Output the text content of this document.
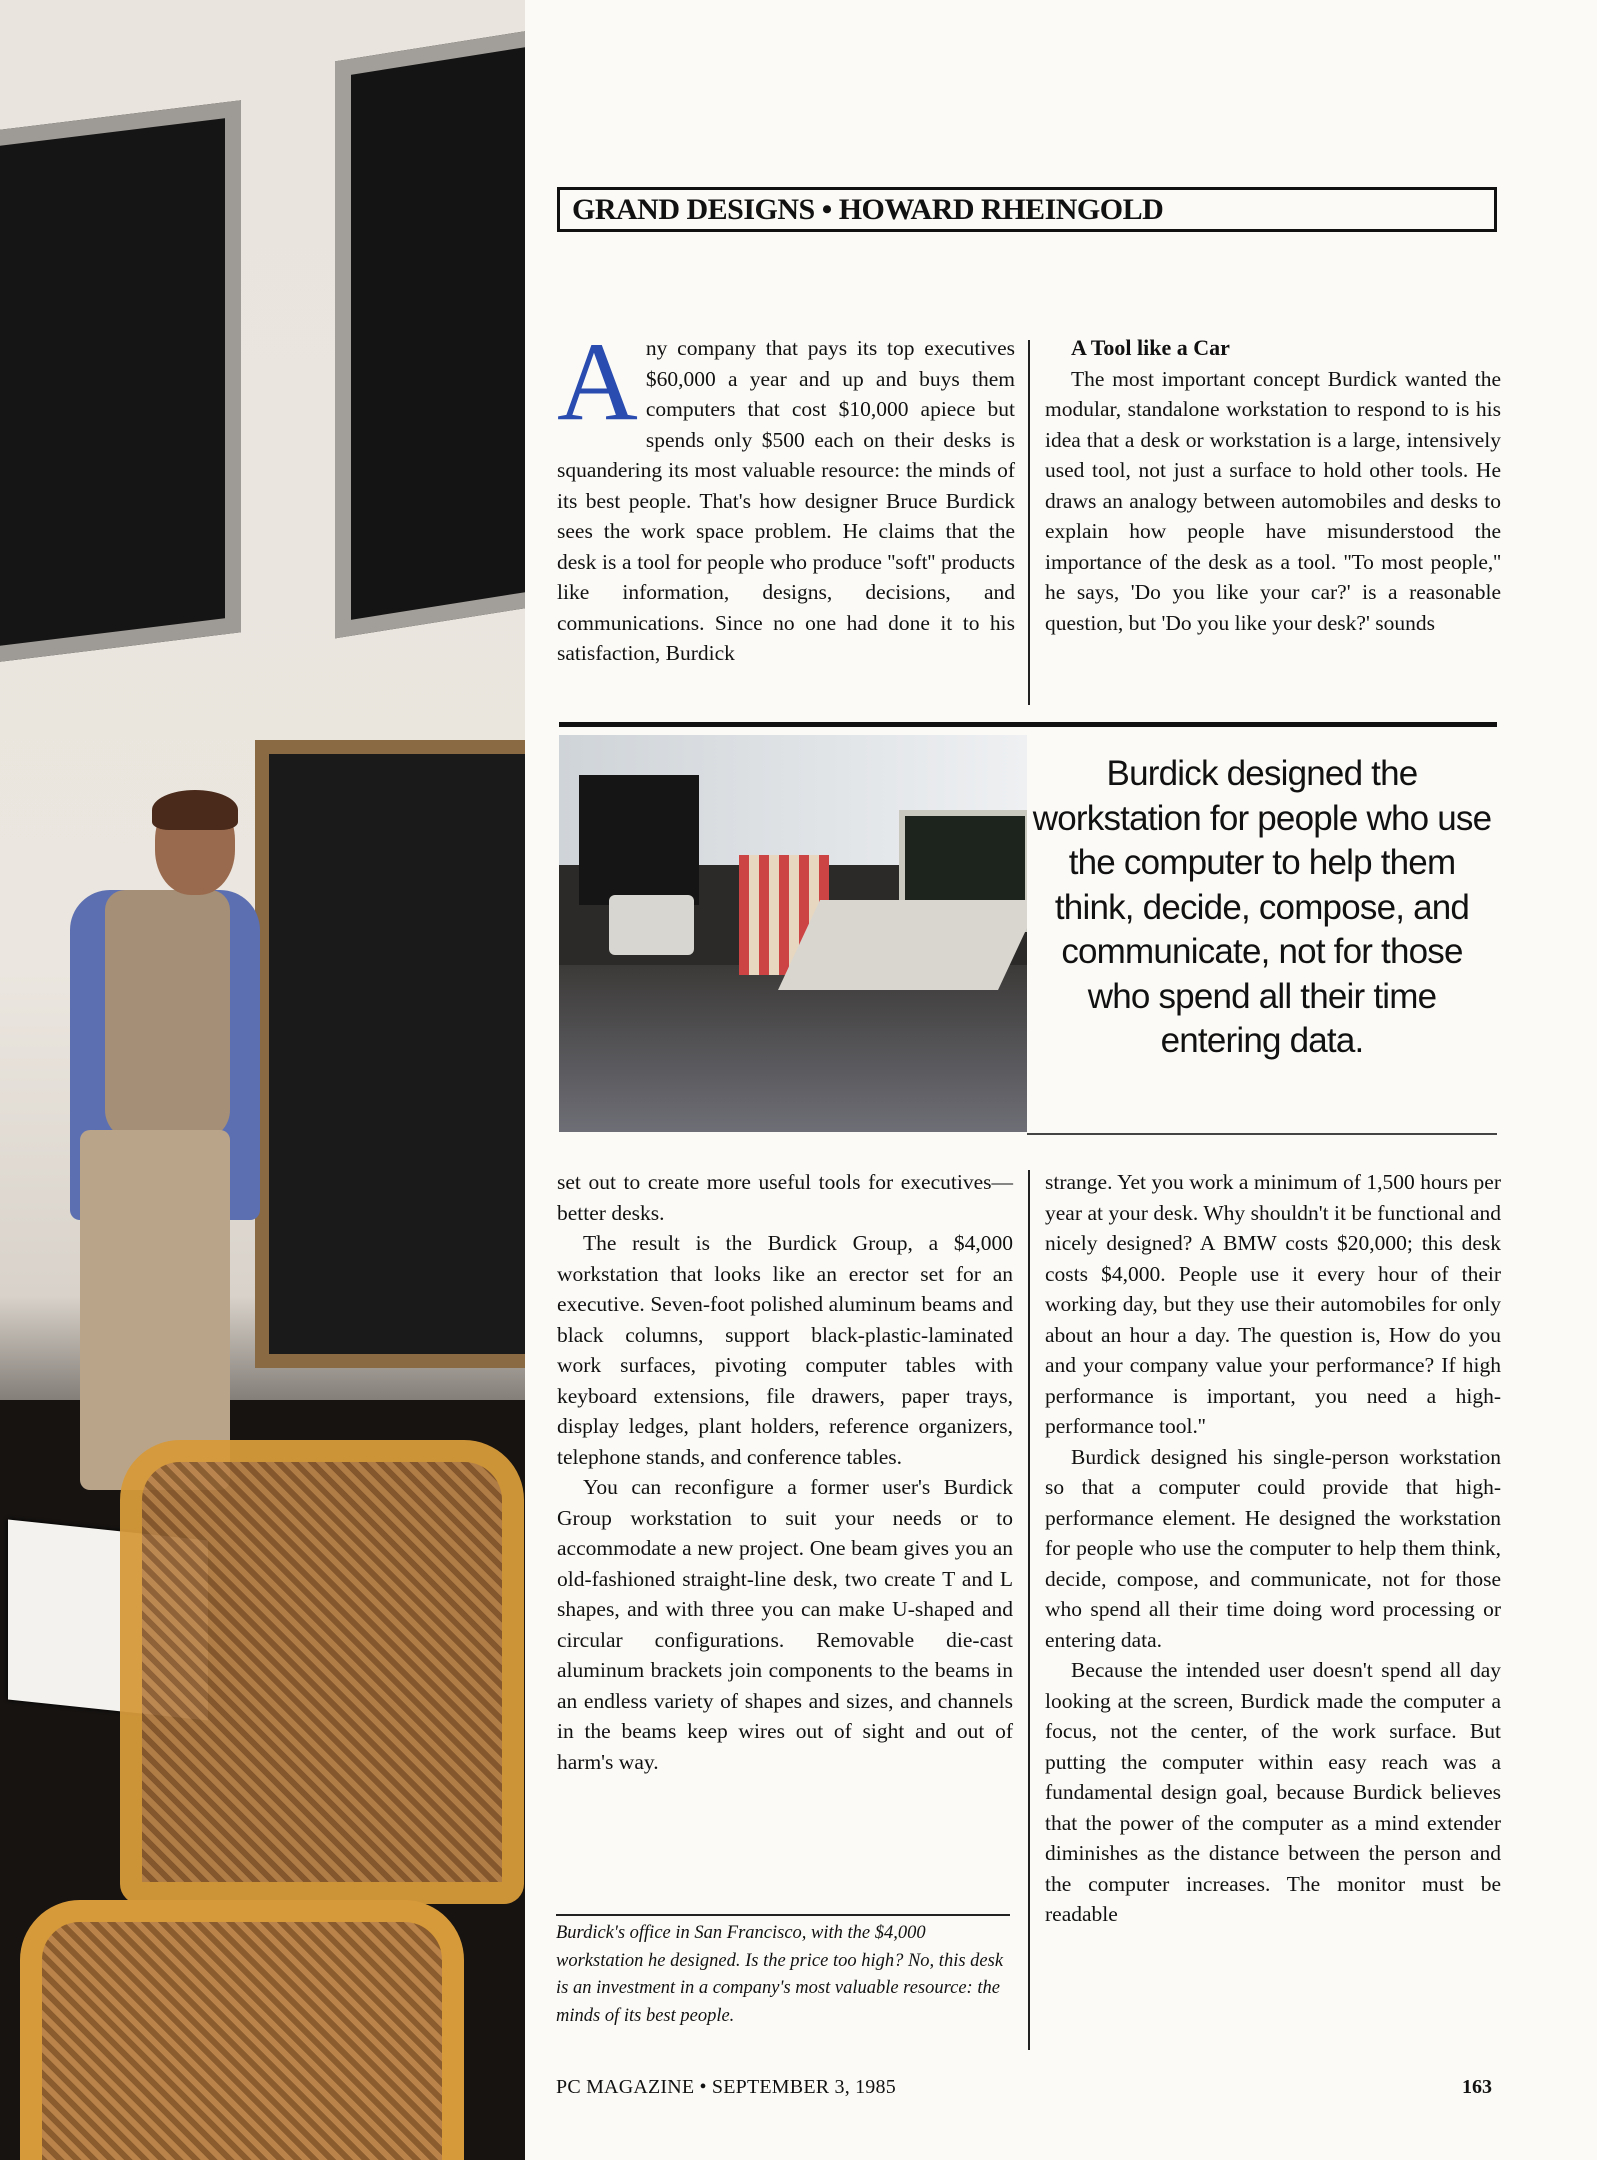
GRAND DESIGNS • HOWARD RHEINGOLD
A ny company that pays its top executives $60,000 a year and up and buys them computers that cost $10,000 apiece but spends only $500 each on their desks is squandering its most valuable resource: the minds of its best people. That's how designer Bruce Burdick sees the work space problem. He claims that the desk is a tool for people who produce ''soft'' products like information, designs, decisions, and communications. Since no one had done it to his satisfaction, Burdick

A Tool like a Car

The most important concept Burdick wanted the modular, standalone workstation to respond to is his idea that a desk or workstation is a large, intensively used tool, not just a surface to hold other tools. He draws an analogy between automobiles and desks to explain how people have misunderstood the importance of the desk as a tool. ''To most people,'' he says, 'Do you like your car?' is a reasonable question, but 'Do you like your desk?' sounds

Burdick designed the workstation for people who use the computer to help them think, decide, compose, and communicate, not for those who spend all their time entering data.

set out to create more useful tools for executives—better desks.

The result is the Burdick Group, a $4,000 workstation that looks like an erector set for an executive. Seven-foot polished aluminum beams and black columns, support black-plastic-laminated work surfaces, pivoting computer tables with keyboard extensions, file drawers, paper trays, display ledges, plant holders, reference organizers, telephone stands, and conference tables.

You can reconfigure a former user's Burdick Group workstation to suit your needs or to accommodate a new project. One beam gives you an old-fashioned straight-line desk, two create T and L shapes, and with three you can make U-shaped and circular configurations. Removable die-cast aluminum brackets join components to the beams in an endless variety of shapes and sizes, and channels in the beams keep wires out of sight and out of harm's way.

Burdick's office in San Francisco, with the $4,000 workstation he designed. Is the price too high? No, this desk is an investment in a company's most valuable resource: the minds of its best people.

strange. Yet you work a minimum of 1,500 hours per year at your desk. Why shouldn't it be functional and nicely designed? A BMW costs $20,000; this desk costs $4,000. People use it every hour of their working day, but they use their automobiles for only about an hour a day. The question is, How do you and your company value your performance? If high performance is important, you need a high-performance tool.''

Burdick designed his single-person workstation so that a computer could provide that high-performance element. He designed the workstation for people who use the computer to help them think, decide, compose, and communicate, not for those who spend all their time doing word processing or entering data.

Because the intended user doesn't spend all day looking at the screen, Burdick made the computer a focus, not the center, of the work surface. But putting the computer within easy reach was a fundamental design goal, because Burdick believes that the power of the computer as a mind extender diminishes as the distance between the person and the computer increases. The monitor must be readable

PC MAGAZINE • SEPTEMBER 3, 1985	163
